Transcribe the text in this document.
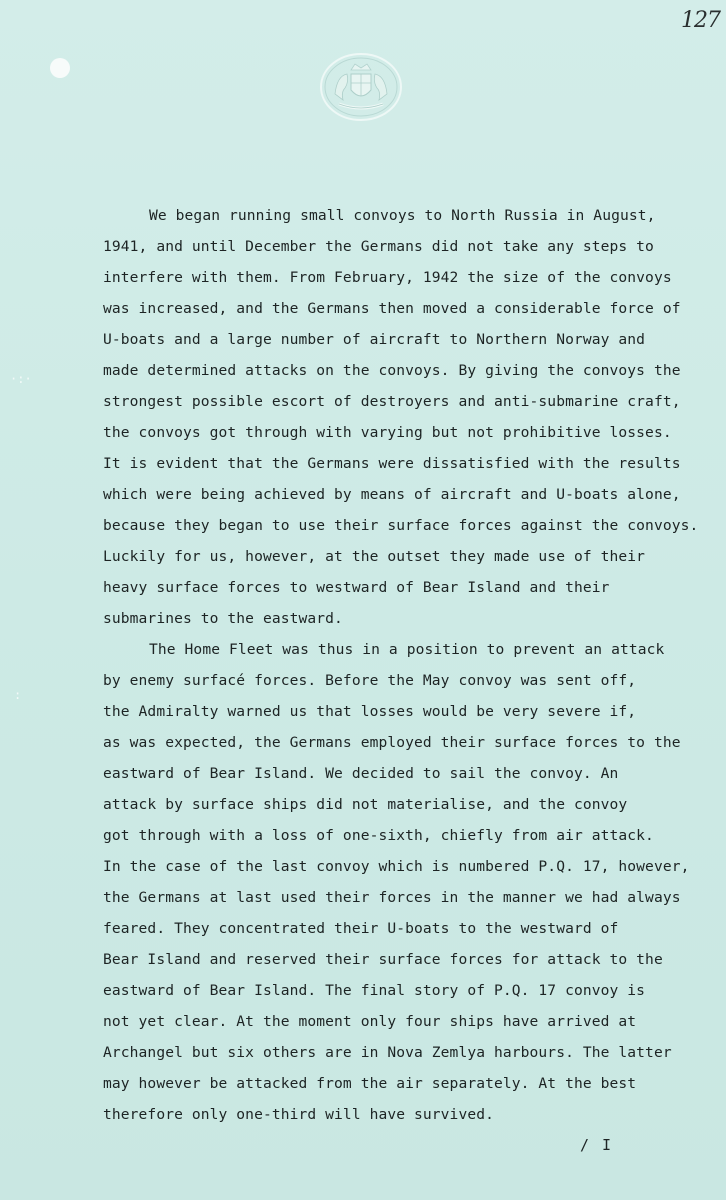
127
·:·
:
We began running small convoys to North Russia in August,
1941, and until December the Germans did not take any steps to
interfere with them. From February, 1942 the size of the convoys
was increased, and the Germans then moved a considerable force of
U-boats and a large number of aircraft to Northern Norway and
made determined attacks on the convoys. By giving the convoys the
strongest possible escort of destroyers and anti-submarine craft,
the convoys got through with varying but not prohibitive losses.
It is evident that the Germans were dissatisfied with the results
which were being achieved by means of aircraft and U-boats alone,
because they began to use their surface forces against the convoys.
Luckily for us, however, at the outset they made use of their
heavy surface forces to westward of Bear Island and their
submarines to the eastward.
The Home Fleet was thus in a position to prevent an attack
by enemy surfacé forces. Before the May convoy was sent off,
the Admiralty warned us that losses would be very severe if,
as was expected, the Germans employed their surface forces to the
eastward of Bear Island. We decided to sail the convoy. An
attack by surface ships did not materialise, and the convoy
got through with a loss of one-sixth, chiefly from air attack.
In the case of the last convoy which is numbered P.Q. 17, however,
the Germans at last used their forces in the manner we had always
feared. They concentrated their U-boats to the westward of
Bear Island and reserved their surface forces for attack to the
eastward of Bear Island. The final story of P.Q. 17 convoy is
not yet clear. At the moment only four ships have arrived at
Archangel but six others are in Nova Zemlya harbours. The latter
may however be attacked from the air separately. At the best
therefore only one-third will have survived.
/ I
